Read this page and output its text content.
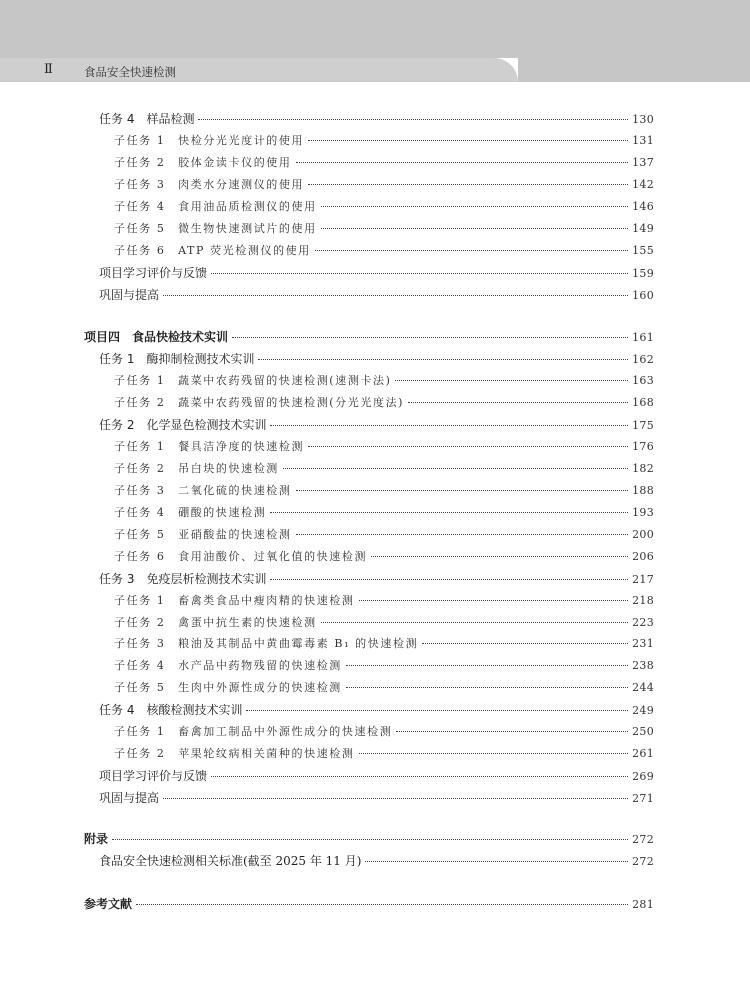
Ⅱ	食品安全快速检测
任务 4　样品检测	130
子任务 1　快检分光光度计的使用	131
子任务 2　胶体金读卡仪的使用	137
子任务 3　肉类水分速测仪的使用	142
子任务 4　食用油品质检测仪的使用	146
子任务 5　微生物快速测试片的使用	149
子任务 6　ATP 荧光检测仪的使用	155
项目学习评价与反馈	159
巩固与提高	160
项目四　食品快检技术实训	161
任务 1　酶抑制检测技术实训	162
子任务 1　蔬菜中农药残留的快速检测(速测卡法)	163
子任务 2　蔬菜中农药残留的快速检测(分光光度法)	168
任务 2　化学显色检测技术实训	175
子任务 1　餐具洁净度的快速检测	176
子任务 2　吊白块的快速检测	182
子任务 3　二氧化硫的快速检测	188
子任务 4　硼酸的快速检测	193
子任务 5　亚硝酸盐的快速检测	200
子任务 6　食用油酸价、过氧化值的快速检测	206
任务 3　免疫层析检测技术实训	217
子任务 1　畜禽类食品中瘦肉精的快速检测	218
子任务 2　禽蛋中抗生素的快速检测	223
子任务 3　粮油及其制品中黄曲霉毒素 B₁ 的快速检测	231
子任务 4　水产品中药物残留的快速检测	238
子任务 5　生肉中外源性成分的快速检测	244
任务 4　核酸检测技术实训	249
子任务 1　畜禽加工制品中外源性成分的快速检测	250
子任务 2　苹果轮纹病相关菌种的快速检测	261
项目学习评价与反馈	269
巩固与提高	271
附录	272
食品安全快速检测相关标准(截至 2025 年 11 月)	272
参考文献	281
